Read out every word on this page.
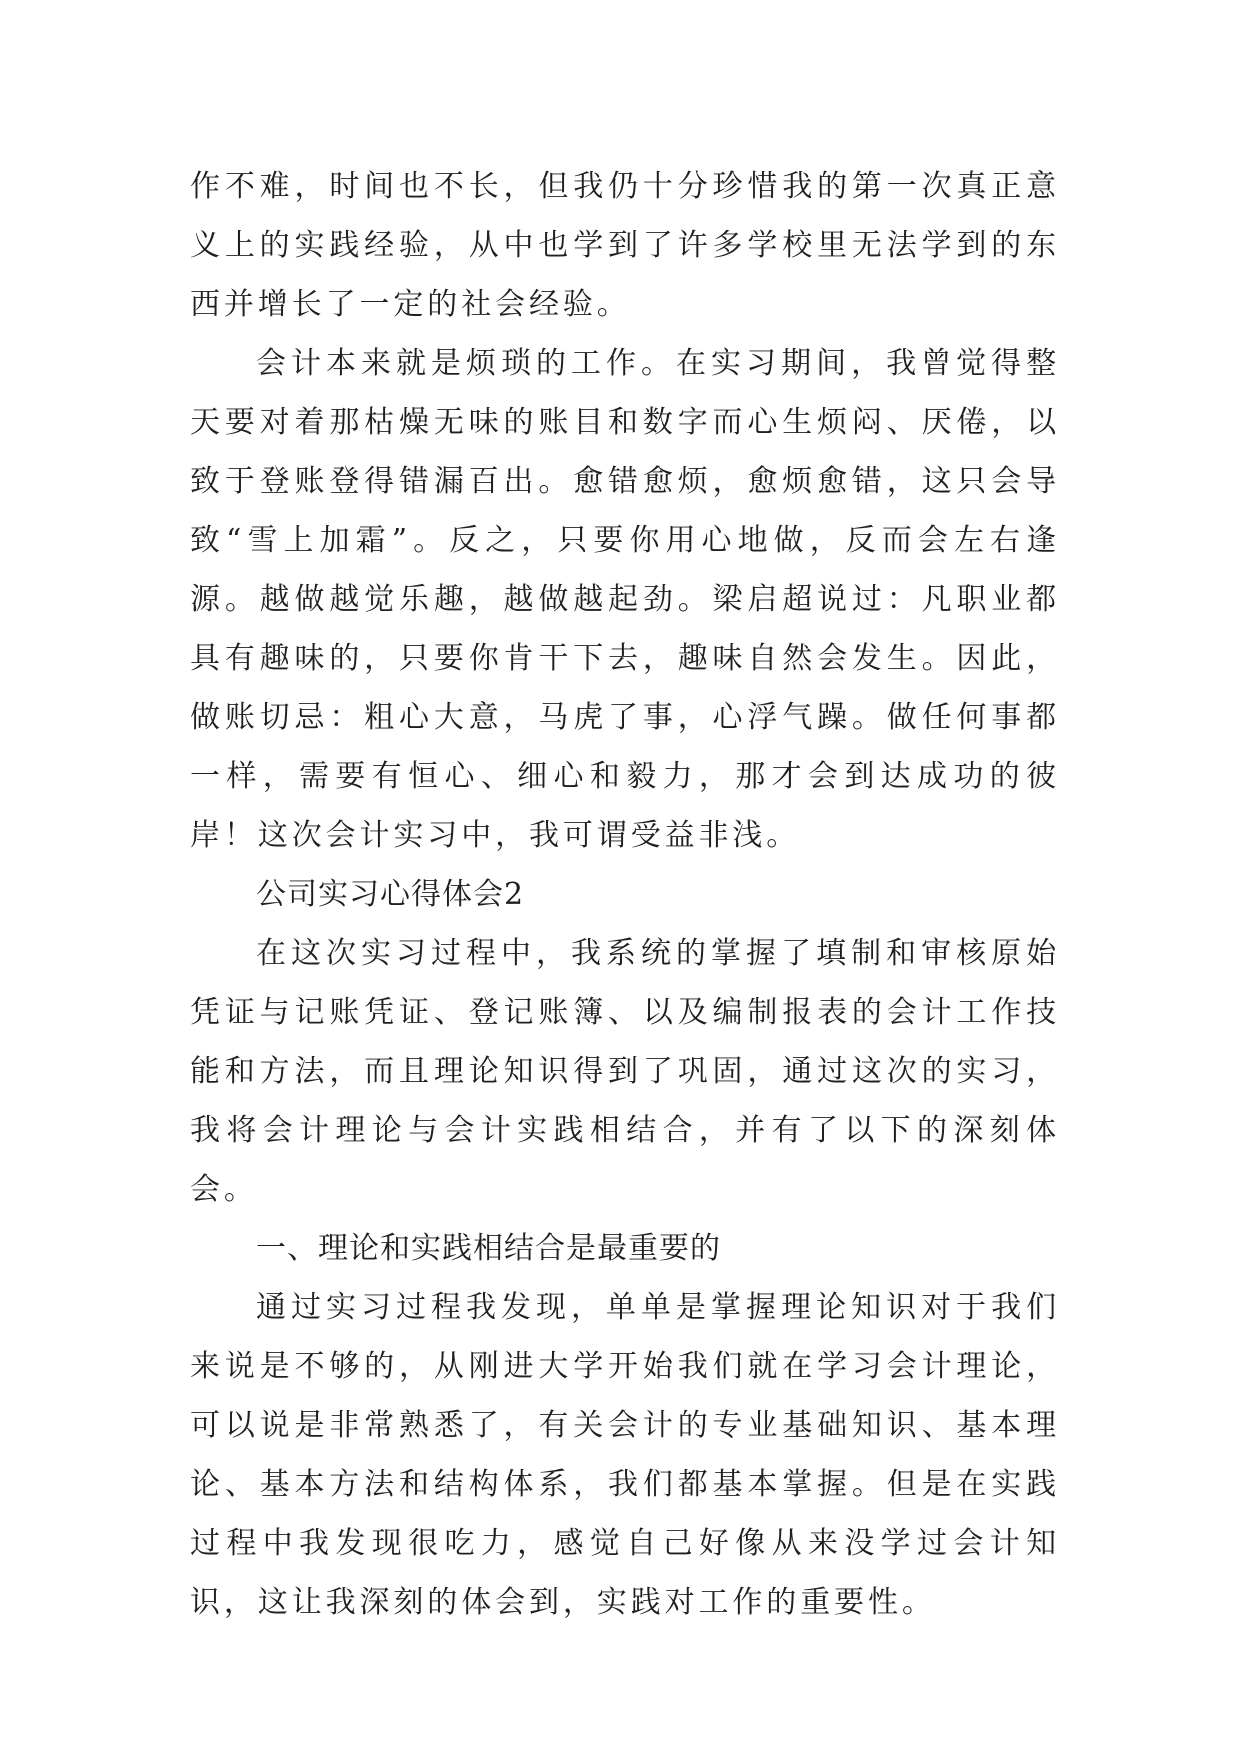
作不难，时间也不长，但我仍十分珍惜我的第一次真正意义上的实践经验，从中也学到了许多学校里无法学到的东西并增长了一定的社会经验。

会计本来就是烦琐的工作。在实习期间，我曾觉得整天要对着那枯燥无味的账目和数字而心生烦闷、厌倦，以致于登账登得错漏百出。愈错愈烦，愈烦愈错，这只会导致“雪上加霜”。反之，只要你用心地做，反而会左右逢源。越做越觉乐趣，越做越起劲。梁启超说过：凡职业都具有趣味的，只要你肯干下去，趣味自然会发生。因此，做账切忌：粗心大意，马虎了事，心浮气躁。做任何事都一样，需要有恒心、细心和毅力，那才会到达成功的彼岸！这次会计实习中，我可谓受益非浅。

公司实习心得体会2

在这次实习过程中，我系统的掌握了填制和审核原始凭证与记账凭证、登记账簿、以及编制报表的会计工作技能和方法，而且理论知识得到了巩固，通过这次的实习，我将会计理论与会计实践相结合，并有了以下的深刻体会。

一、理论和实践相结合是最重要的

通过实习过程我发现，单单是掌握理论知识对于我们来说是不够的，从刚进大学开始我们就在学习会计理论，可以说是非常熟悉了，有关会计的专业基础知识、基本理论、基本方法和结构体系，我们都基本掌握。但是在实践过程中我发现很吃力，感觉自己好像从来没学过会计知识，这让我深刻的体会到，实践对工作的重要性。
